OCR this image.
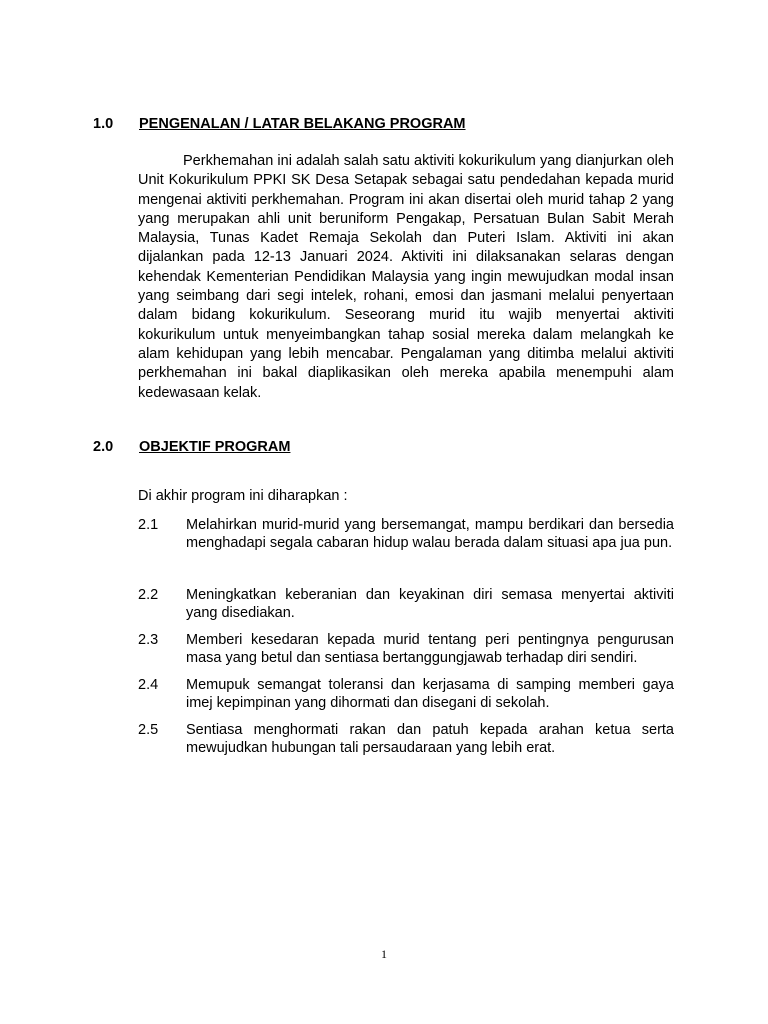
1.0 PENGENALAN / LATAR BELAKANG PROGRAM
Perkhemahan ini adalah salah satu aktiviti kokurikulum yang dianjurkan oleh Unit Kokurikulum PPKI SK Desa Setapak sebagai satu pendedahan kepada murid mengenai aktiviti perkhemahan. Program ini akan disertai oleh murid tahap 2 yang yang merupakan ahli unit beruniform Pengakap, Persatuan Bulan Sabit Merah Malaysia, Tunas Kadet Remaja Sekolah dan Puteri Islam. Aktiviti ini akan dijalankan pada 12-13 Januari 2024. Aktiviti ini dilaksanakan selaras dengan kehendak Kementerian Pendidikan Malaysia yang ingin mewujudkan modal insan yang seimbang dari segi intelek, rohani, emosi dan jasmani melalui penyertaan dalam bidang kokurikulum. Seseorang murid itu wajib menyertai aktiviti kokurikulum untuk menyeimbangkan tahap sosial mereka dalam melangkah ke alam kehidupan yang lebih mencabar. Pengalaman yang ditimba melalui aktiviti perkhemahan ini bakal diaplikasikan oleh mereka apabila menempuhi alam kedewasaan kelak.
2.0 OBJEKTIF PROGRAM
Di akhir program ini diharapkan :
2.1	Melahirkan murid-murid yang bersemangat, mampu berdikari dan bersedia menghadapi segala cabaran hidup walau berada dalam situasi apa jua pun.
2.2	Meningkatkan keberanian dan keyakinan diri semasa menyertai aktiviti yang disediakan.
2.3	Memberi kesedaran kepada murid tentang peri pentingnya pengurusan masa yang betul dan sentiasa bertanggungjawab terhadap diri sendiri.
2.4	Memupuk semangat toleransi dan kerjasama di samping memberi gaya imej kepimpinan yang dihormati dan disegani di sekolah.
2.5	Sentiasa menghormati rakan dan patuh kepada arahan ketua serta mewujudkan hubungan tali persaudaraan yang lebih erat.
1
